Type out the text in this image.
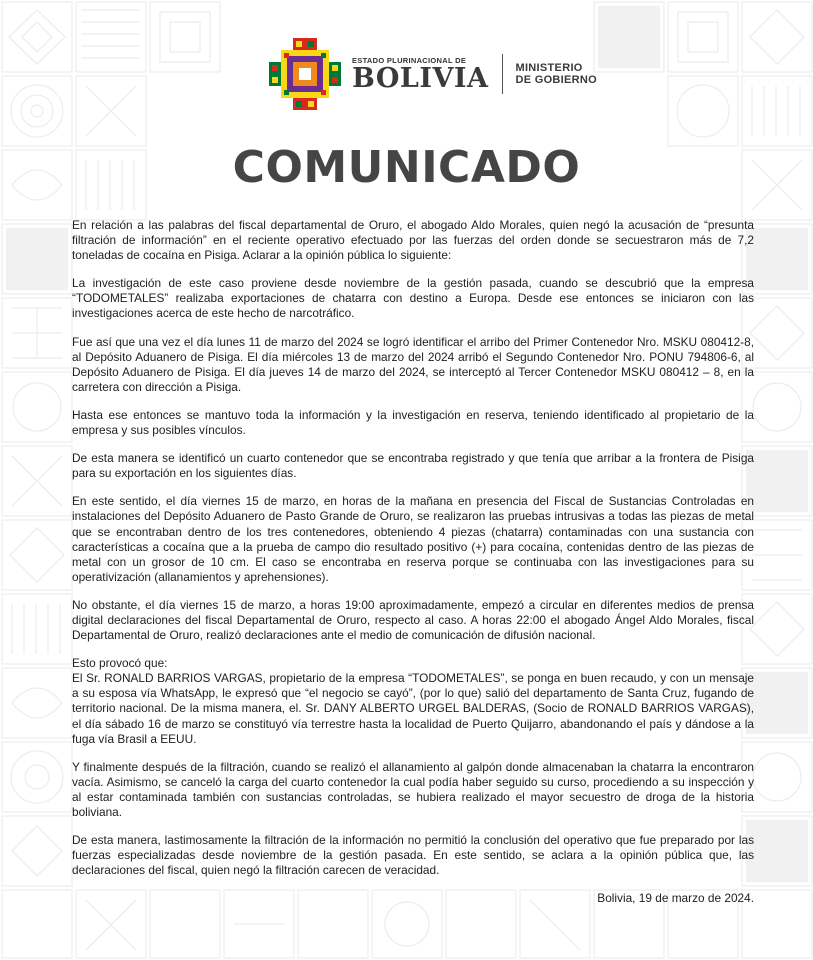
ESTADO PLURINACIONAL DE
BOLIVIA MINISTERIO
DE GOBIERNO
COMUNICADO

En relación a las palabras del fiscal departamental de Oruro, el abogado Aldo Morales, quien negó la acusación de “presunta filtración de información” en el reciente operativo efectuado por las fuerzas del orden donde se secuestraron más de 7,2 toneladas de cocaína en Pisiga. Aclarar a la opinión pública lo siguiente:

La investigación de este caso proviene desde noviembre de la gestión pasada, cuando se descubrió que la empresa “TODOMETALES” realizaba exportaciones de chatarra con destino a Europa. Desde ese entonces se iniciaron con las investigaciones acerca de este hecho de narcotráfico.

Fue así que una vez el día lunes 11 de marzo del 2024 se logró identificar el arribo del Primer Contenedor Nro. MSKU 080412-8, al Depósito Aduanero de Pisiga. El día miércoles 13 de marzo del 2024 arribó el Segundo Contenedor Nro. PONU 794806-6, al Depósito Aduanero de Pisiga. El día jueves 14 de marzo del 2024, se interceptó al Tercer Contenedor MSKU 080412 – 8, en la carretera con dirección a Pisiga.

Hasta ese entonces se mantuvo toda la información y la investigación en reserva, teniendo identificado al propietario de la empresa y sus posibles vínculos.

De esta manera se identificó un cuarto contenedor que se encontraba registrado y que tenía que arribar a la frontera de Pisiga para su exportación en los siguientes días.

En este sentido, el día viernes 15 de marzo, en horas de la mañana en presencia del Fiscal de Sustancias Controladas en instalaciones del Depósito Aduanero de Pasto Grande de Oruro, se realizaron las pruebas intrusivas a todas las piezas de metal que se encontraban dentro de los tres contenedores, obteniendo 4 piezas (chatarra) contaminadas con una sustancia con características a cocaína que a la prueba de campo dio resultado positivo (+) para cocaína, contenidas dentro de las piezas de metal con un grosor de 10 cm. El caso se encontraba en reserva porque se continuaba con las investigaciones para su operativización (allanamientos y aprehensiones).

No obstante, el día viernes 15 de marzo, a horas 19:00 aproximadamente, empezó a circular en diferentes medios de prensa digital declaraciones del fiscal Departamental de Oruro, respecto al caso. A horas 22:00 el abogado Ángel Aldo Morales, fiscal Departamental de Oruro, realizó declaraciones ante el medio de comunicación de difusión nacional.

Esto provocó que:

El Sr. RONALD BARRIOS VARGAS, propietario de la empresa “TODOMETALES”, se ponga en buen recaudo, y con un mensaje a su esposa vía WhatsApp, le expresó que “el negocio se cayó”, (por lo que) salió del departamento de Santa Cruz, fugando de territorio nacional. De la misma manera, el. Sr. DANY ALBERTO URGEL BALDERAS, (Socio de RONALD BARRIOS VARGAS), el día sábado 16 de marzo se constituyó vía terrestre hasta la localidad de Puerto Quijarro, abandonando el país y dándose a la fuga vía Brasil a EEUU.

Y finalmente después de la filtración, cuando se realizó el allanamiento al galpón donde almacenaban la chatarra la encontraron vacía. Asimismo, se canceló la carga del cuarto contenedor la cual podía haber seguido su curso, procediendo a su inspección y al estar contaminada también con sustancias controladas, se hubiera realizado el mayor secuestro de droga de la historia boliviana.

De esta manera, lastimosamente la filtración de la información no permitió la conclusión del operativo que fue preparado por las fuerzas especializadas desde noviembre de la gestión pasada. En este sentido, se aclara a la opinión pública que, las declaraciones del fiscal, quien negó la filtración carecen de veracidad.

Bolivia, 19 de marzo de 2024.
